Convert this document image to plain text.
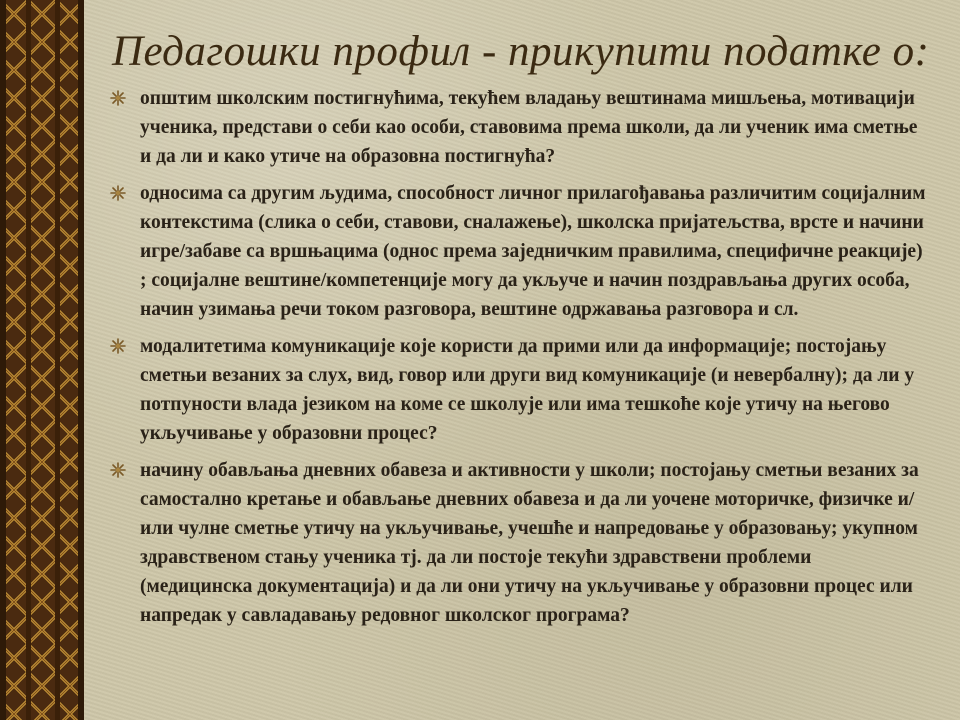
Педагошки профил - прикупити податке о:
општим школским постигнућима, текућем владању вештинама мишљења, мотивацији ученика, представи о себи као особи, ставовима према школи, да ли ученик има сметње и да ли и како утиче на образовна постигнућа?
односима са другим људима, способност личног прилагођавања различитим социјалним контекстима (слика о себи, ставови, сналажење), школска пријатељства, врсте и начини игре/забаве са вршњацима (однос према заједничким правилима, специфичне реакције) ; социјалне вештине/компетенције могу да укључе и начин поздрављања других особа, начин узимања речи током разговора, вештине одржавања разговора и сл.
модалитетима комуникације које користи да прими или да информације; постојању сметњи везаних за слух, вид, говор или други вид комуникације (и невербалну); да ли у потпуности влада језиком на коме се школује или има тешкоће које утичу на његово укључивање у образовни процес?
начину обављања дневних обавеза и активности у школи; постојању сметњи везаних за самостално кретање и обављање дневних обавеза и да ли уочене моторичке, физичке и/или чулне сметње утичу на укључивање, учешће и напредовање у образовању; укупном здравственом стању ученика тј. да ли постоје текући здравствени проблеми (медицинска документација) и да ли они утичу на укључивање у образовни процес или напредак у савладавању редовног школског програма?
